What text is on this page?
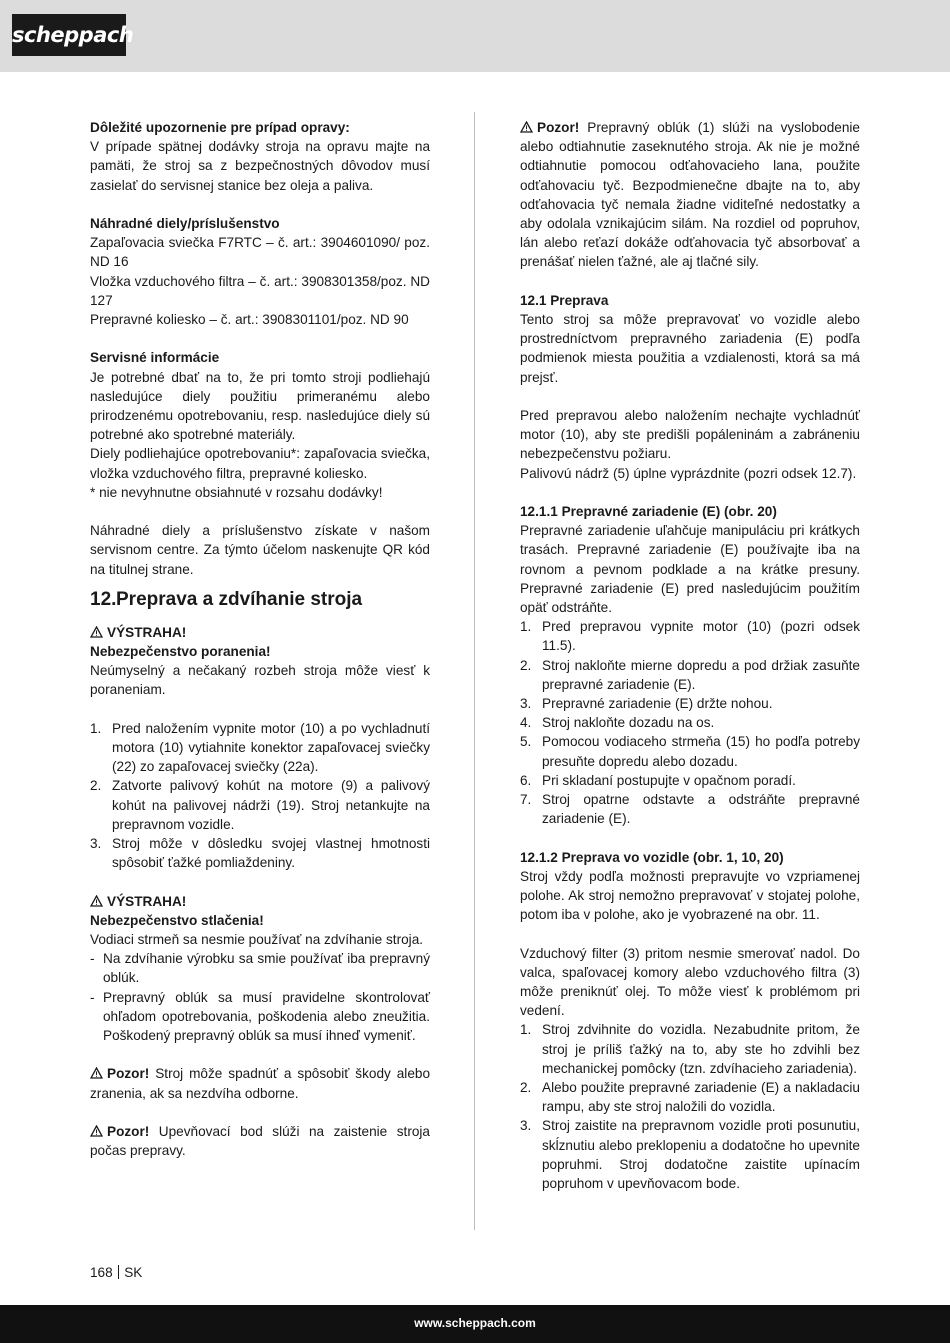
scheppach

Dôležité upozornenie pre prípad opravy:

V prípade spätnej dodávky stroja na opravu majte na pamäti, že stroj sa z bezpečnostných dôvodov musí zasielať do servisnej stanice bez oleja a paliva.

Náhradné diely/príslušenstvo

Zapaľovacia sviečka F7RTC – č. art.: 3904601090/ poz. ND 16

Vložka vzduchového filtra – č. art.: 3908301358/poz. ND 127

Prepravné koliesko – č. art.: 3908301101/poz. ND 90

Servisné informácie

Je potrebné dbať na to, že pri tomto stroji podliehajú nasledujúce diely použitiu primeranému alebo prirodzenému opotrebovaniu, resp. nasledujúce diely sú potrebné ako spotrebné materiály.

Diely podliehajúce opotrebovaniu*: zapaľovacia sviečka, vložka vzduchového filtra, prepravné koliesko.

* nie nevyhnutne obsiahnuté v rozsahu dodávky!

Náhradné diely a príslušenstvo získate v našom servisnom centre. Za týmto účelom naskenujte QR kód na titulnej strane.

12.Preprava a zdvíhanie stroja

VÝSTRAHA!

Nebezpečenstvo poranenia!

Neúmyselný a nečakaný rozbeh stroja môže viesť k poraneniam.

1. Pred naložením vypnite motor (10) a po vychladnutí motora (10) vytiahnite konektor zapaľovacej sviečky (22) zo zapaľovacej sviečky (22a).
2. Zatvorte palivový kohút na motore (9) a palivový kohút na palivovej nádrži (19). Stroj netankujte na prepravnom vozidle.
3. Stroj môže v dôsledku svojej vlastnej hmotnosti spôsobiť ťažké pomliaždeniny.

VÝSTRAHA!

Nebezpečenstvo stlačenia!

Vodiaci strmeň sa nesmie používať na zdvíhanie stroja.

- Na zdvíhanie výrobku sa smie používať iba prepravný oblúk.
- Prepravný oblúk sa musí pravidelne skontrolovať ohľadom opotrebovania, poškodenia alebo zneužitia. Poškodený prepravný oblúk sa musí ihneď vymeniť.

Pozor! Stroj môže spadnúť a spôsobiť škody alebo zranenia, ak sa nezdvíha odborne.

Pozor! Upevňovací bod slúži na zaistenie stroja počas prepravy.

Pozor! Prepravný oblúk (1) slúži na vyslobodenie alebo odtiahnutie zaseknutého stroja. Ak nie je možné odtiahnutie pomocou odťahovacieho lana, použite odťahovaciu tyč. Bezpodmienečne dbajte na to, aby odťahovacia tyč nemala žiadne viditeľné nedostatky a aby odolala vznikajúcim silám. Na rozdiel od popruhov, lán alebo reťazí dokáže odťahovacia tyč absorbovať a prenášať nielen ťažné, ale aj tlačné sily.

12.1 Preprava

Tento stroj sa môže prepravovať vo vozidle alebo prostredníctvom prepravného zariadenia (E) podľa podmienok miesta použitia a vzdialenosti, ktorá sa má prejsť.

Pred prepravou alebo naložením nechajte vychladnúť motor (10), aby ste predišli popáleninám a zabráneniu nebezpečenstvu požiaru.

Palivovú nádrž (5) úplne vyprázdnite (pozri odsek 12.7).

12.1.1 Prepravné zariadenie (E) (obr. 20)

Prepravné zariadenie uľahčuje manipuláciu pri krátkych trasách. Prepravné zariadenie (E) používajte iba na rovnom a pevnom podklade a na krátke presuny. Prepravné zariadenie (E) pred nasledujúcim použitím opäť odstráňte.

1. Pred prepravou vypnite motor (10) (pozri odsek 11.5).
2. Stroj nakloňte mierne dopredu a pod držiak zasuňte prepravné zariadenie (E).
3. Prepravné zariadenie (E) držte nohou.
4. Stroj nakloňte dozadu na os.
5. Pomocou vodiaceho strmeňa (15) ho podľa potreby presuňte dopredu alebo dozadu.
6. Pri skladaní postupujte v opačnom poradí.
7. Stroj opatrne odstavte a odstráňte prepravné zariadenie (E).

12.1.2 Preprava vo vozidle (obr. 1, 10, 20)

Stroj vždy podľa možnosti prepravujte vo vzpriamenej polohe. Ak stroj nemožno prepravovať v stojatej polohe, potom iba v polohe, ako je vyobrazené na obr. 11.

Vzduchový filter (3) pritom nesmie smerovať nadol. Do valca, spaľovacej komory alebo vzduchového filtra (3) môže preniknúť olej. To môže viesť k problémom pri vedení.

1. Stroj zdvihnite do vozidla. Nezabudnite pritom, že stroj je príliš ťažký na to, aby ste ho zdvihli bez mechanickej pomôcky (tzn. zdvíhacieho zariadenia).
2. Alebo použite prepravné zariadenie (E) a nakladaciu rampu, aby ste stroj naložili do vozidla.
3. Stroj zaistite na prepravnom vozidle proti posunutiu, skĺznutiu alebo preklopeniu a dodatočne ho upevnite popruhmi. Stroj dodatočne zaistite upínacím popruhom v upevňovacom bode.
168 SK
www.scheppach.com
